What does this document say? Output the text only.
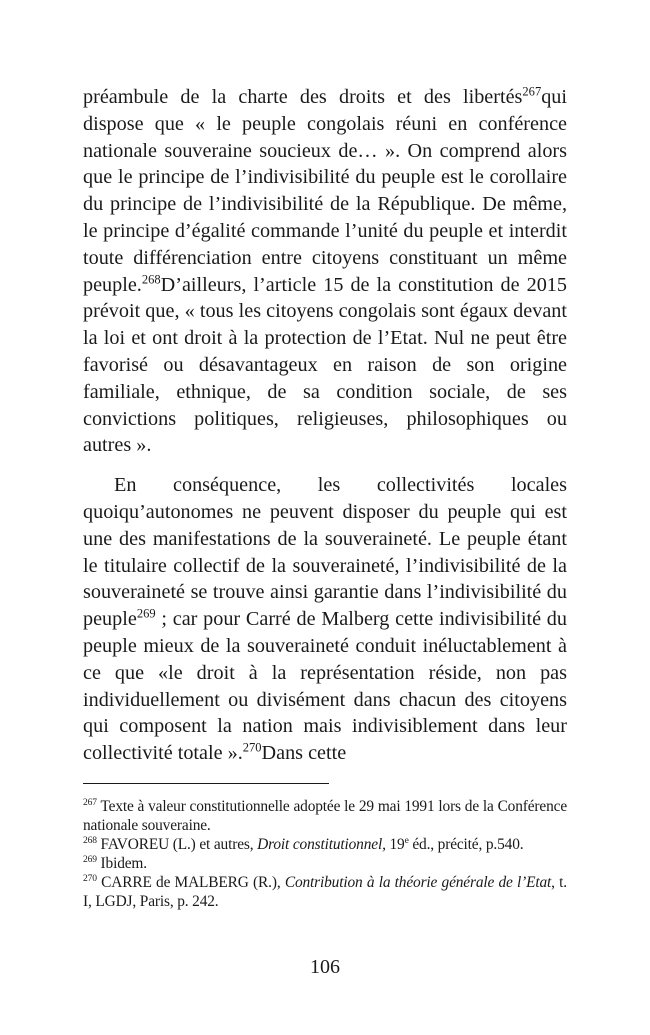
préambule de la charte des droits et des libertés$^{267}$qui dispose que « le peuple congolais réuni en conférence nationale souveraine soucieux de… ». On comprend alors que le principe de l’indivisibilité du peuple est le corollaire du principe de l’indivisibilité de la République. De même, le principe d’égalité commande l’unité du peuple et interdit toute différenciation entre citoyens constituant un même peuple.$^{268}$D’ailleurs, l’article 15 de la constitution de 2015 prévoit que, « tous les citoyens congolais sont égaux devant la loi et ont droit à la protection de l’Etat. Nul ne peut être favorisé ou désavantageux en raison de son origine familiale, ethnique, de sa condition sociale, de ses convictions politiques, religieuses, philosophiques ou autres ».

En conséquence, les collectivités locales quoiqu’autonomes ne peuvent disposer du peuple qui est une des manifestations de la souveraineté. Le peuple étant le titulaire collectif de la souveraineté, l’indivisibilité de la souveraineté se trouve ainsi garantie dans l’indivisibilité du peuple$^{269}$ ; car pour Carré de Malberg cette indivisibilité du peuple mieux de la souveraineté conduit inéluctablement à ce que «le droit à la représentation réside, non pas individuellement ou divisément dans chacun des citoyens qui composent la nation mais indivisiblement dans leur collectivité totale ».$^{270}$Dans cette

$^{267}$ Texte à valeur constitutionnelle adoptée le 29 mai 1991 lors de la Conférence nationale souveraine.

$^{268}$ FAVOREU (L.) et autres, Droit constitutionnel, 19e éd., précité, p.540.

$^{269}$ Ibidem.

$^{270}$ CARRE de MALBERG (R.), Contribution à la théorie générale de l’Etat, t. I, LGDJ, Paris, p. 242.

106
